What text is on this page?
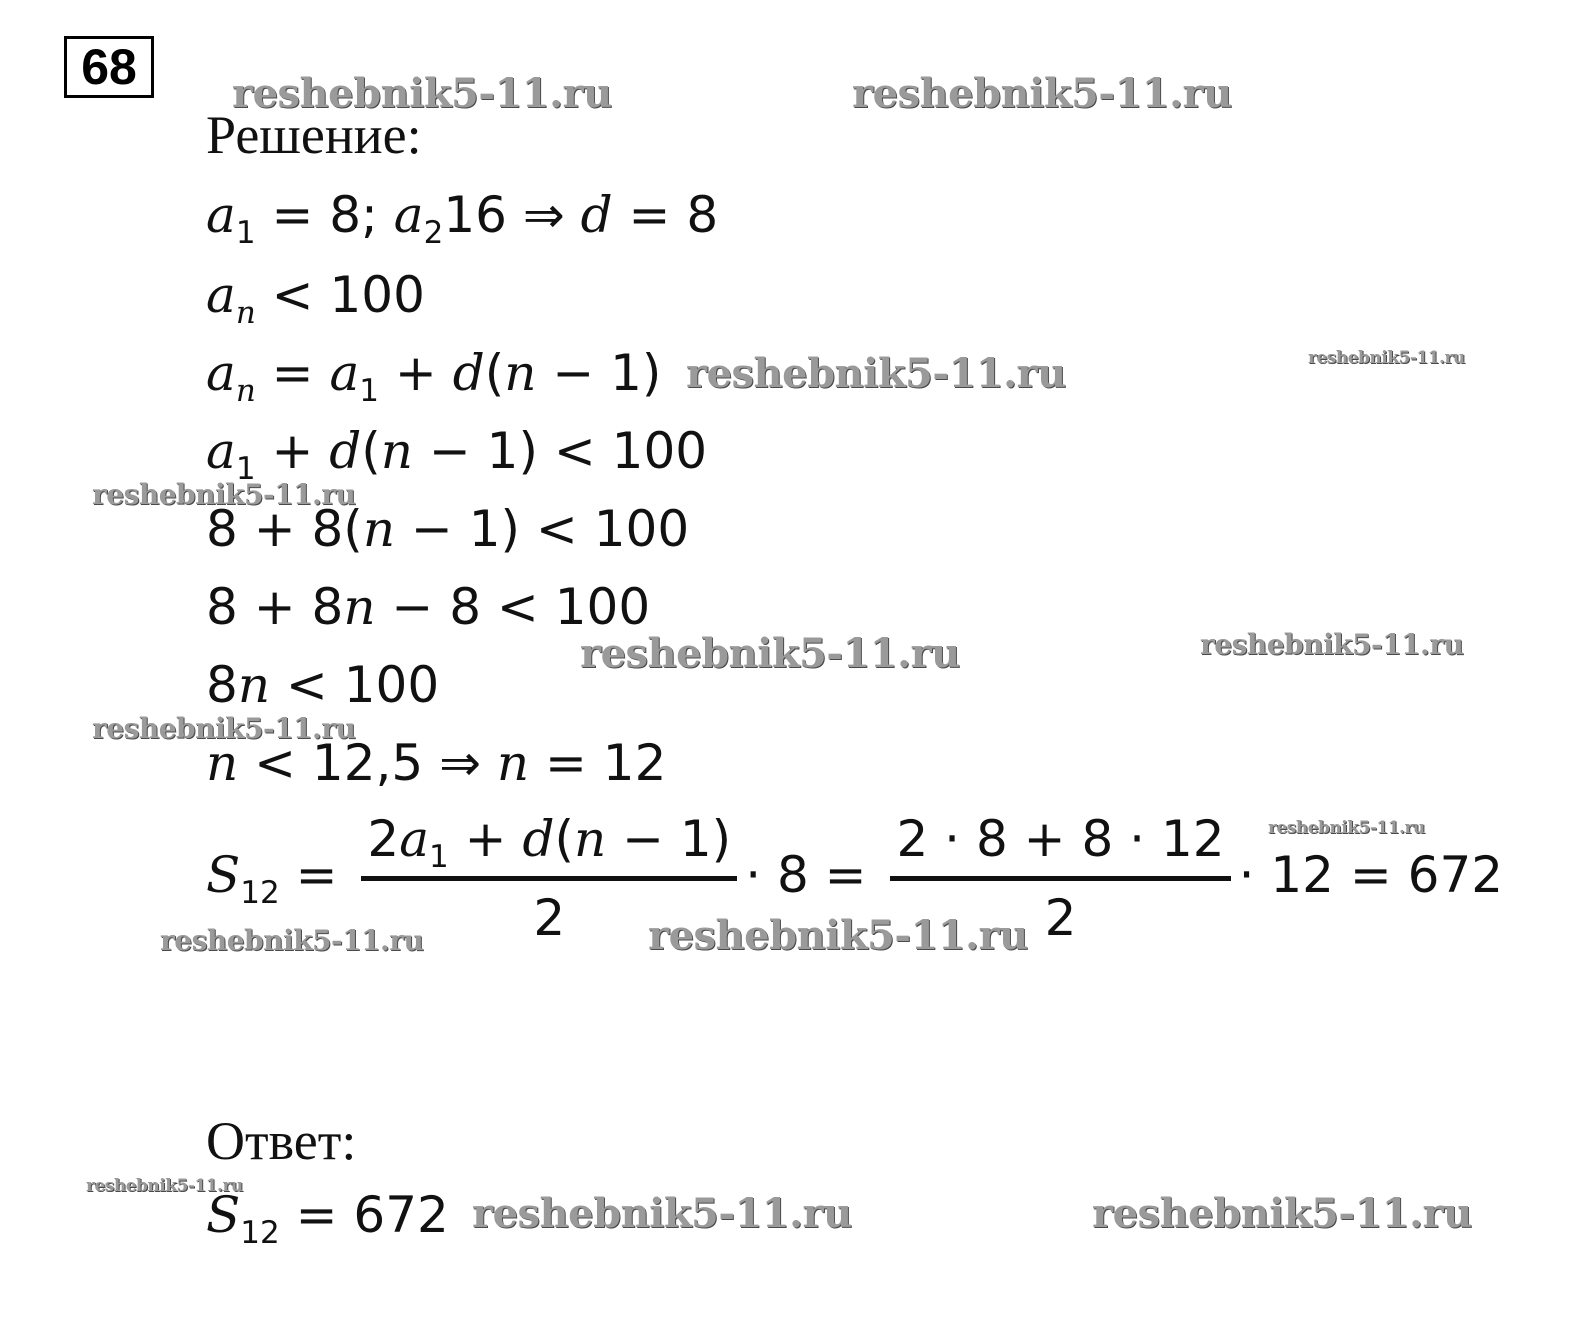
68
Решение:
$a_1 = 8$; $a_216$ ⇒ d = 8
$a_n < 100$
$a_n = a_1 + d(n - 1)$
$a_1 + d(n - 1) < 100$
8 + 8(n − 1) < 100
8 + 8n − 8 < 100
8n < 100
n < 12,5 ⇒ n = 12
$S_{12}$ =
$2a_1 + d(n - 1)$
2
· 8 =
2 · 8 + 8 · 12
2
· 12 = 672
Ответ:
$S_{12} = 672$
reshebnik5-11.ru	reshebnik5-11.ru
reshebnik5-11.ru	reshebnik5-11.ru
reshebnik5-11.ru
reshebnik5-11.ru	reshebnik5-11.ru
reshebnik5-11.ru
reshebnik5-11.ru
reshebnik5-11.ru	reshebnik5-11.ru
reshebnik5-11.ru
reshebnik5-11.ru	reshebnik5-11.ru
